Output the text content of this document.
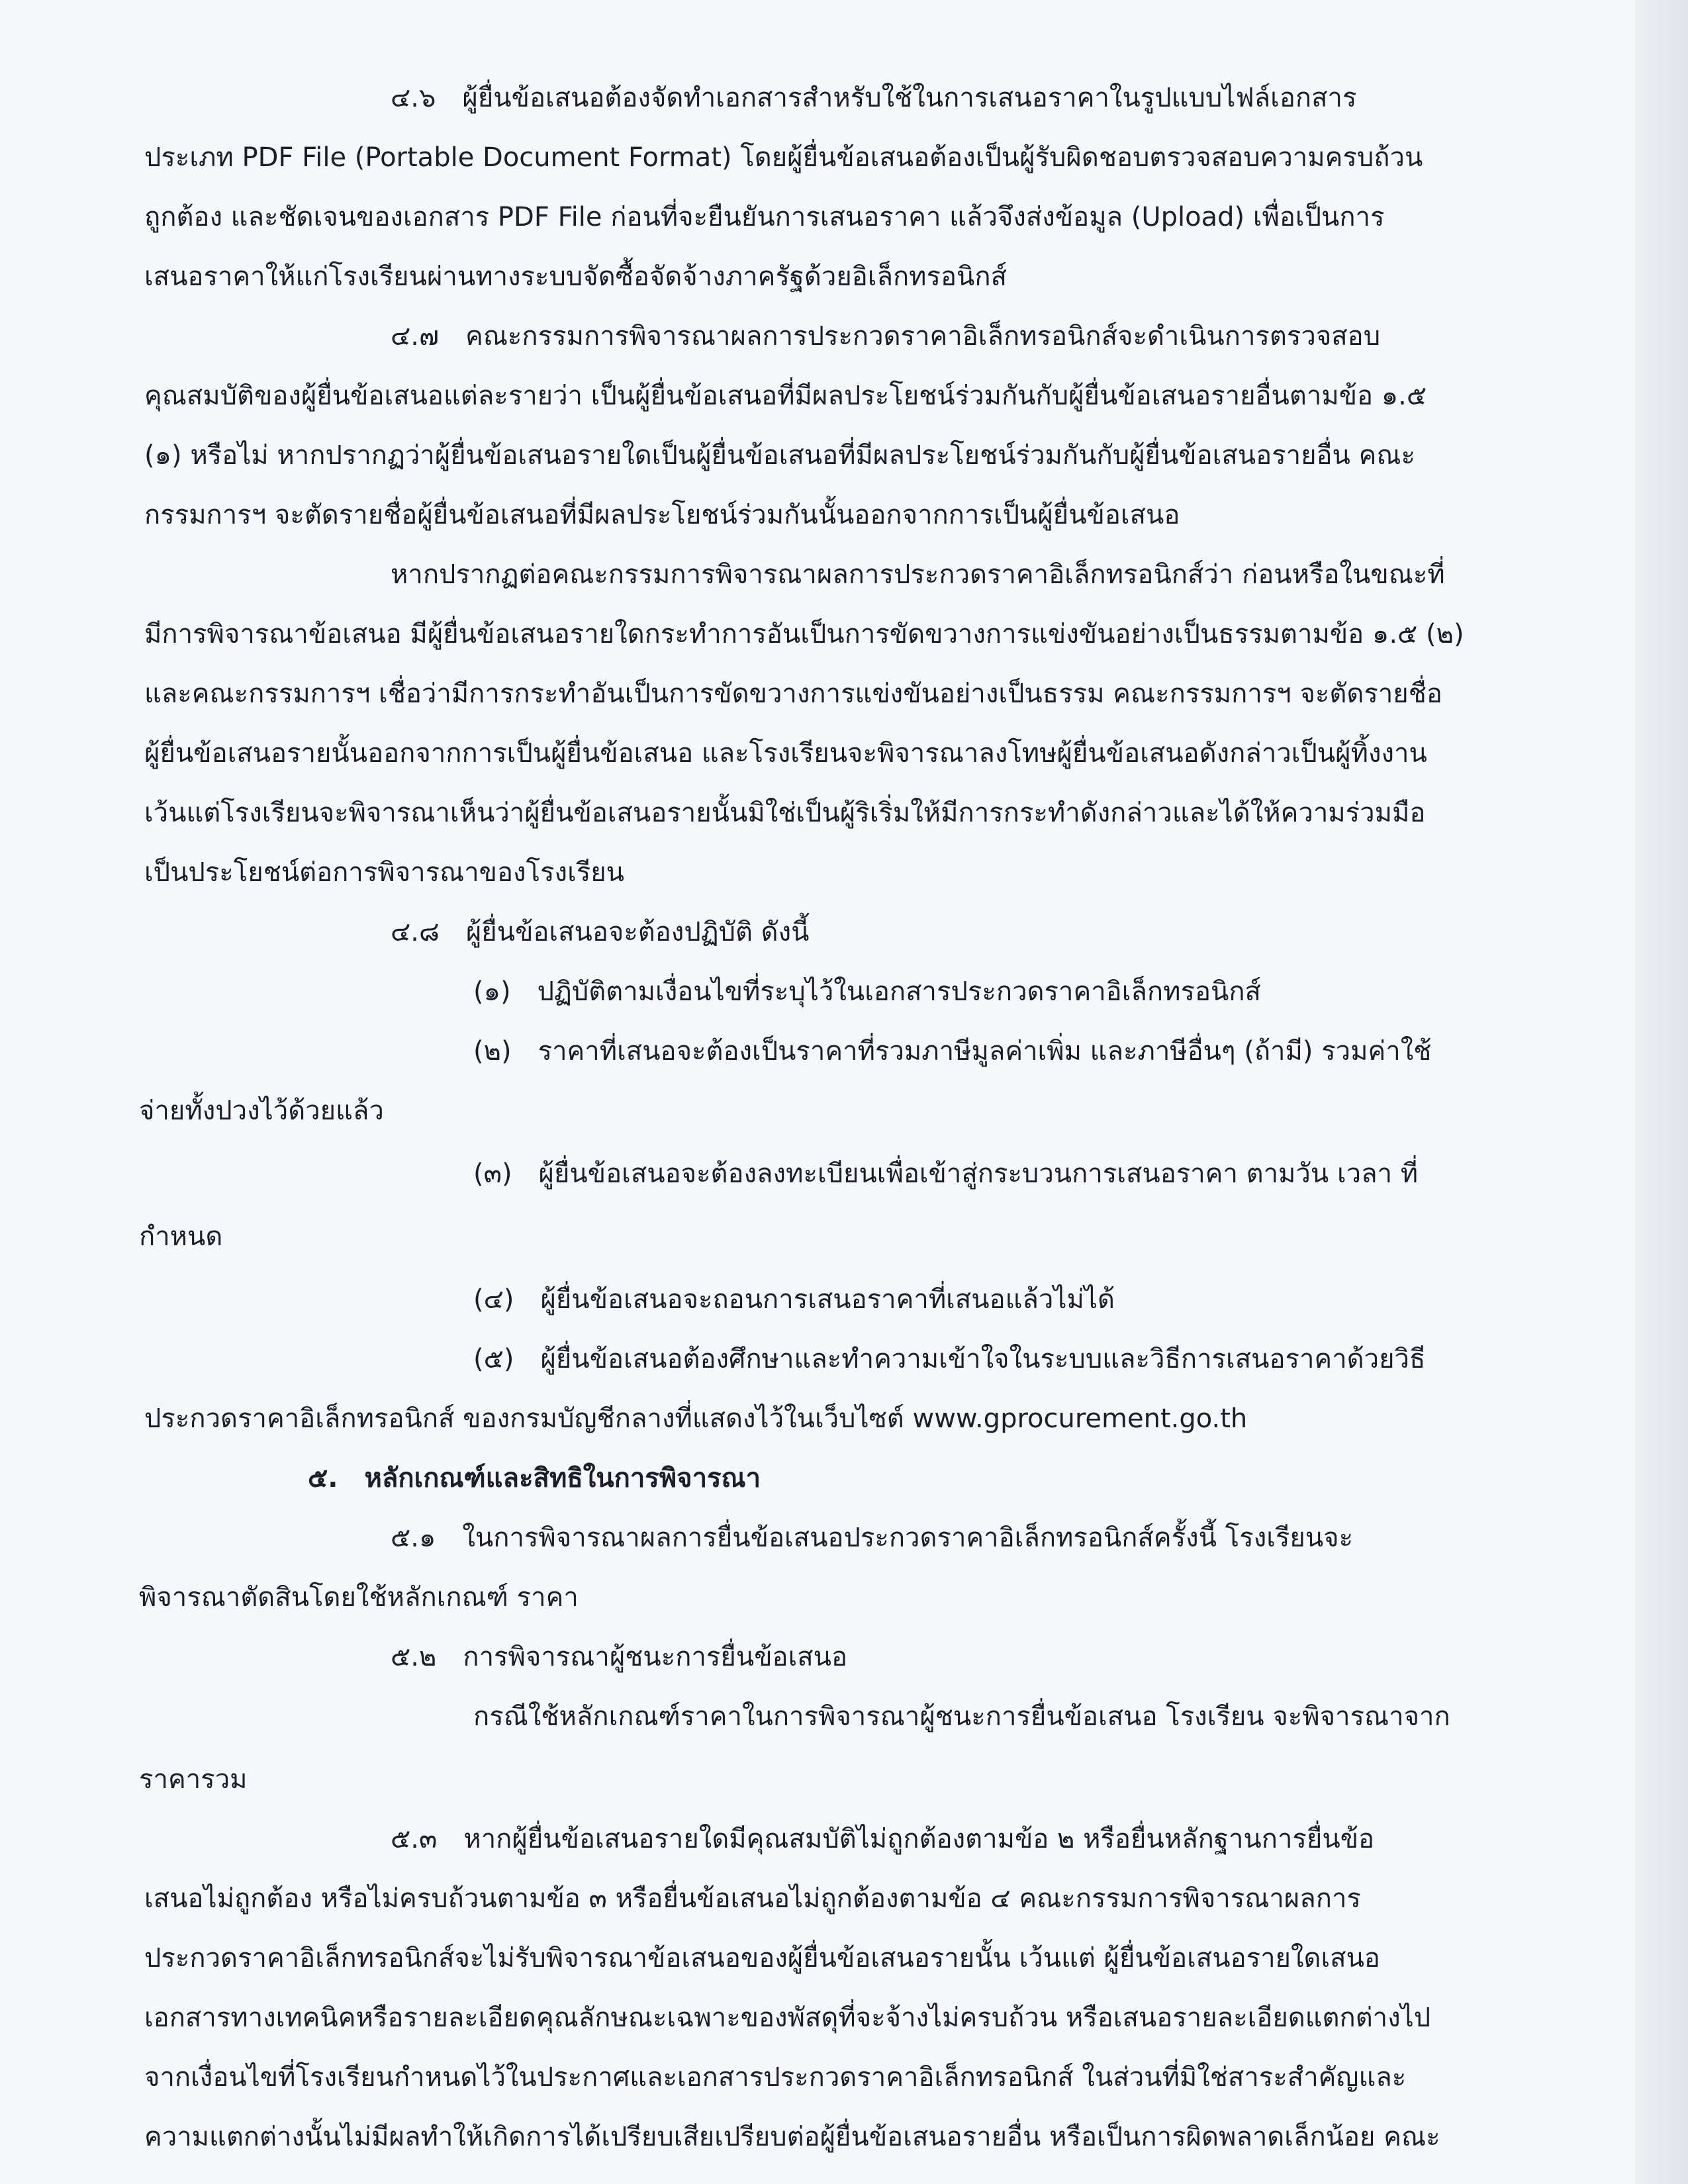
๔.๖ ผู้ยื่นข้อเสนอต้องจัดทำเอกสารสำหรับใช้ในการเสนอราคาในรูปแบบไฟล์เอกสาร
ประเภท PDF File (Portable Document Format) โดยผู้ยื่นข้อเสนอต้องเป็นผู้รับผิดชอบตรวจสอบความครบถ้วน
ถูกต้อง และชัดเจนของเอกสาร PDF File ก่อนที่จะยืนยันการเสนอราคา แล้วจึงส่งข้อมูล (Upload) เพื่อเป็นการ
เสนอราคาให้แก่โรงเรียนผ่านทางระบบจัดซื้อจัดจ้างภาครัฐด้วยอิเล็กทรอนิกส์
๔.๗ คณะกรรมการพิจารณาผลการประกวดราคาอิเล็กทรอนิกส์จะดำเนินการตรวจสอบ
คุณสมบัติของผู้ยื่นข้อเสนอแต่ละรายว่า เป็นผู้ยื่นข้อเสนอที่มีผลประโยชน์ร่วมกันกับผู้ยื่นข้อเสนอรายอื่นตามข้อ ๑.๕
(๑) หรือไม่ หากปรากฏว่าผู้ยื่นข้อเสนอรายใดเป็นผู้ยื่นข้อเสนอที่มีผลประโยชน์ร่วมกันกับผู้ยื่นข้อเสนอรายอื่น คณะ
กรรมการฯ จะตัดรายชื่อผู้ยื่นข้อเสนอที่มีผลประโยชน์ร่วมกันนั้นออกจากการเป็นผู้ยื่นข้อเสนอ
หากปรากฏต่อคณะกรรมการพิจารณาผลการประกวดราคาอิเล็กทรอนิกส์ว่า ก่อนหรือในขณะที่
มีการพิจารณาข้อเสนอ มีผู้ยื่นข้อเสนอรายใดกระทำการอันเป็นการขัดขวางการแข่งขันอย่างเป็นธรรมตามข้อ ๑.๕ (๒)
และคณะกรรมการฯ เชื่อว่ามีการกระทำอันเป็นการขัดขวางการแข่งขันอย่างเป็นธรรม คณะกรรมการฯ จะตัดรายชื่อ
ผู้ยื่นข้อเสนอรายนั้นออกจากการเป็นผู้ยื่นข้อเสนอ และโรงเรียนจะพิจารณาลงโทษผู้ยื่นข้อเสนอดังกล่าวเป็นผู้ทิ้งงาน
เว้นแต่โรงเรียนจะพิจารณาเห็นว่าผู้ยื่นข้อเสนอรายนั้นมิใช่เป็นผู้ริเริ่มให้มีการกระทำดังกล่าวและได้ให้ความร่วมมือ
เป็นประโยชน์ต่อการพิจารณาของโรงเรียน
๔.๘ ผู้ยื่นข้อเสนอจะต้องปฏิบัติ ดังนี้
(๑) ปฏิบัติตามเงื่อนไขที่ระบุไว้ในเอกสารประกวดราคาอิเล็กทรอนิกส์
(๒) ราคาที่เสนอจะต้องเป็นราคาที่รวมภาษีมูลค่าเพิ่ม และภาษีอื่นๆ (ถ้ามี) รวมค่าใช้
จ่ายทั้งปวงไว้ด้วยแล้ว
(๓) ผู้ยื่นข้อเสนอจะต้องลงทะเบียนเพื่อเข้าสู่กระบวนการเสนอราคา ตามวัน เวลา ที่
กำหนด
(๔) ผู้ยื่นข้อเสนอจะถอนการเสนอราคาที่เสนอแล้วไม่ได้
(๕) ผู้ยื่นข้อเสนอต้องศึกษาและทำความเข้าใจในระบบและวิธีการเสนอราคาด้วยวิธี
ประกวดราคาอิเล็กทรอนิกส์ ของกรมบัญชีกลางที่แสดงไว้ในเว็บไซต์ www.gprocurement.go.th
๕. หลักเกณฑ์และสิทธิในการพิจารณา
๕.๑ ในการพิจารณาผลการยื่นข้อเสนอประกวดราคาอิเล็กทรอนิกส์ครั้งนี้ โรงเรียนจะ
พิจารณาตัดสินโดยใช้หลักเกณฑ์ ราคา
๕.๒ การพิจารณาผู้ชนะการยื่นข้อเสนอ
กรณีใช้หลักเกณฑ์ราคาในการพิจารณาผู้ชนะการยื่นข้อเสนอ โรงเรียน จะพิจารณาจาก
ราคารวม
๕.๓ หากผู้ยื่นข้อเสนอรายใดมีคุณสมบัติไม่ถูกต้องตามข้อ ๒ หรือยื่นหลักฐานการยื่นข้อ
เสนอไม่ถูกต้อง หรือไม่ครบถ้วนตามข้อ ๓ หรือยื่นข้อเสนอไม่ถูกต้องตามข้อ ๔ คณะกรรมการพิจารณาผลการ
ประกวดราคาอิเล็กทรอนิกส์จะไม่รับพิจารณาข้อเสนอของผู้ยื่นข้อเสนอรายนั้น เว้นแต่ ผู้ยื่นข้อเสนอรายใดเสนอ
เอกสารทางเทคนิคหรือรายละเอียดคุณลักษณะเฉพาะของพัสดุที่จะจ้างไม่ครบถ้วน หรือเสนอรายละเอียดแตกต่างไป
จากเงื่อนไขที่โรงเรียนกำหนดไว้ในประกาศและเอกสารประกวดราคาอิเล็กทรอนิกส์ ในส่วนที่มิใช่สาระสำคัญและ
ความแตกต่างนั้นไม่มีผลทำให้เกิดการได้เปรียบเสียเปรียบต่อผู้ยื่นข้อเสนอรายอื่น หรือเป็นการผิดพลาดเล็กน้อย คณะ
